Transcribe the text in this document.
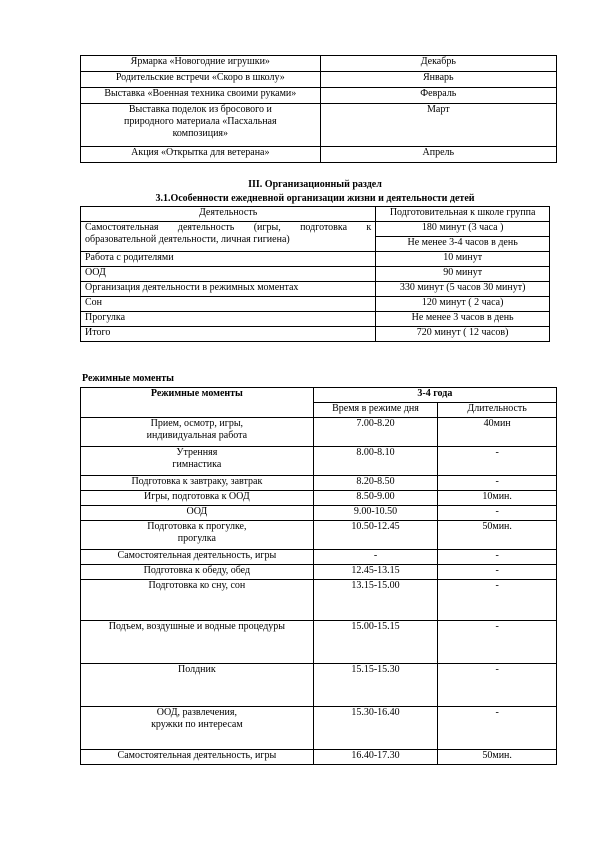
Ярмарка «Новогодние игрушки»	Декабрь
Родительские встречи «Скоро в школу»	Январь
Выставка «Военная техника своими руками»	Февраль
Выставка поделок из бросового и природного материала «Пасхальная композиция»	Март
Акция «Открытка для ветерана»	Апрель
III. Организационный раздел
3.1.Особенности ежедневной организации жизни и деятельности детей
Деятельность	Подготовительная к школе группа
Самостоятельная деятельность (игры, подготовка к образовательной деятельности, личная гигиена)	180 минут (3 часа )
	Не менее 3-4 часов в день
Работа с родителями	10 минут
ООД	90 минут
Организация деятельности в режимных моментах	330 минут (5 часов 30 минут)
Сон	120 минут ( 2 часа)
Прогулка	Не менее 3 часов в день
Итого	720 минут ( 12 часов)
Режимные моменты
Режимные моменты	3-4 года	
	Время в режиме дня	Длительность
Прием, осмотр, игры, индивидуальная работа	7.00-8.20	40мин
Утренняя гимнастика	8.00-8.10	-
Подготовка к завтраку, завтрак	8.20-8.50	-
Игры, подготовка к ООД	8.50-9.00	10мин.
ООД	9.00-10.50	-
Подготовка к прогулке, прогулка	10.50-12.45	50мин.
Самостоятельная деятельность, игры	-	-
Подготовка к обеду, обед	12.45-13.15	-
Подготовка ко сну, сон	13.15-15.00	-
Подъем, воздушные и водные процедуры	15.00-15.15	-
Полдник	15.15-15.30	-
ООД, развлечения, кружки по интересам	15.30-16.40	-
Самостоятельная деятельность, игры	16.40-17.30	50мин.
